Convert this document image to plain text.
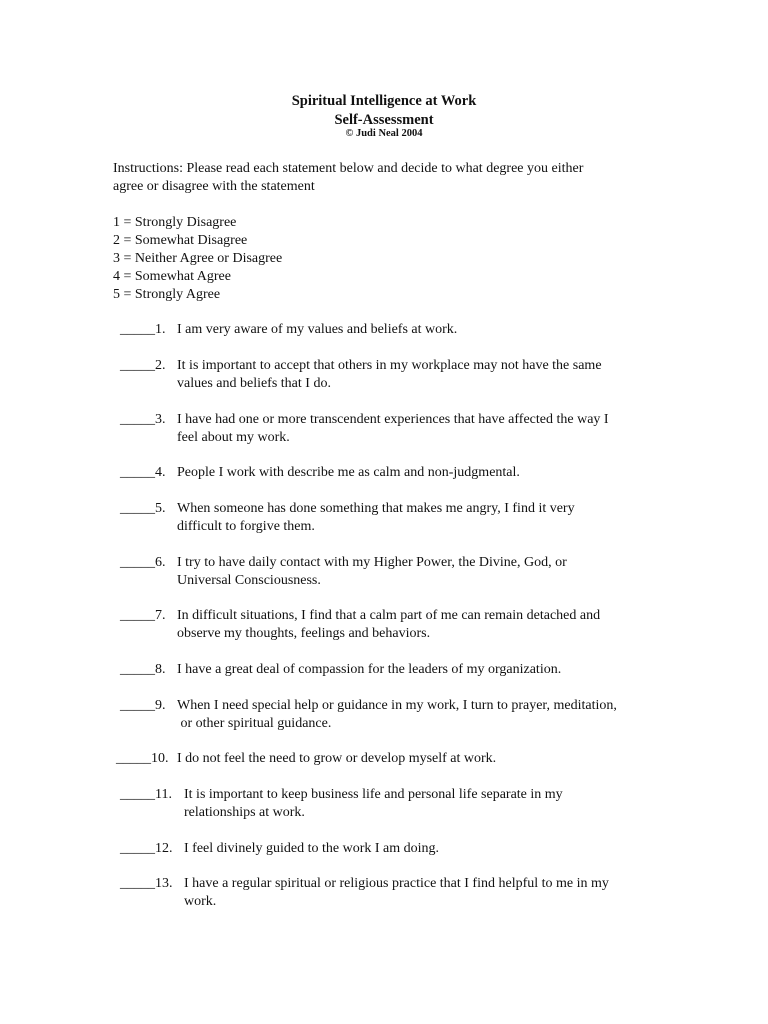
Spiritual Intelligence at Work
Self-Assessment
© Judi Neal 2004
Instructions: Please read each statement below and decide to what degree you either
agree or disagree with the statement
1 = Strongly Disagree
2 = Somewhat Disagree
3 = Neither Agree or Disagree
4 = Somewhat Agree
5 = Strongly Agree
_____1. I am very aware of my values and beliefs at work.
_____2. It is important to accept that others in my workplace may not have the same
values and beliefs that I do.
_____3. I have had one or more transcendent experiences that have affected the way I
feel about my work.
_____4. People I work with describe me as calm and non-judgmental.
_____5. When someone has done something that makes me angry, I find it very
difficult to forgive them.
_____6. I try to have daily contact with my Higher Power, the Divine, God, or
Universal Consciousness.
_____7. In difficult situations, I find that a calm part of me can remain detached and
observe my thoughts, feelings and behaviors.
_____8. I have a great deal of compassion for the leaders of my organization.
_____9. When I need special help or guidance in my work, I turn to prayer, meditation,
or other spiritual guidance.
_____10. I do not feel the need to grow or develop myself at work.
_____11. It is important to keep business life and personal life separate in my
relationships at work.
_____12. I feel divinely guided to the work I am doing.
_____13. I have a regular spiritual or religious practice that I find helpful to me in my
work.
